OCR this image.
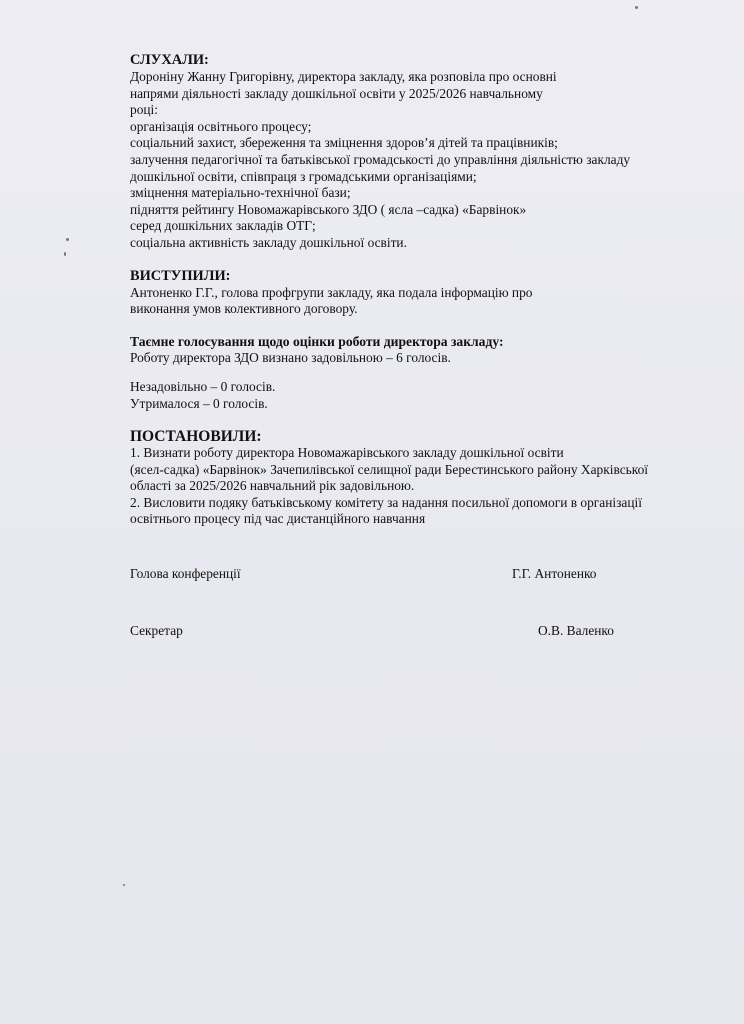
СЛУХАЛИ:
Дороніну Жанну Григорівну, директора закладу, яка розповіла про основні
напрями діяльності закладу дошкільної освіти у 2025/2026 навчальному
році:
організація освітнього процесу;
соціальний захист, збереження та зміцнення здоров’я дітей та працівників;
залучення педагогічної та батьківської громадськості до управління діяльністю закладу
дошкільної освіти, співпраця з громадськими організаціями;
зміцнення матеріально-технічної бази;
підняття рейтингу Новомажарівського ЗДО ( ясла –садка) «Барвінок»
серед дошкільних закладів ОТГ;
соціальна активність закладу дошкільної освіти.
ВИСТУПИЛИ:
Антоненко Г.Г., голова профгрупи закладу, яка подала інформацію про
виконання умов колективного договору.
Таємне голосування щодо оцінки роботи директора закладу:
Роботу директора ЗДО визнано задовільною – 6 голосів.
Незадовільно – 0 голосів.
Утрималося – 0 голосів.
ПОСТАНОВИЛИ:
1. Визнати роботу директора Новомажарівського закладу дошкільної освіти
(ясел-садка) «Барвінок» Зачепилівської селищної ради Берестинського району Харківської
області за 2025/2026 навчальний рік задовільною.
2. Висловити подяку батьківському комітету за надання посильної допомоги в організації
освітнього процесу під час дистанційного навчання
Голова конференції	Г.Г. Антоненко
Секретар	О.В. Валенко
